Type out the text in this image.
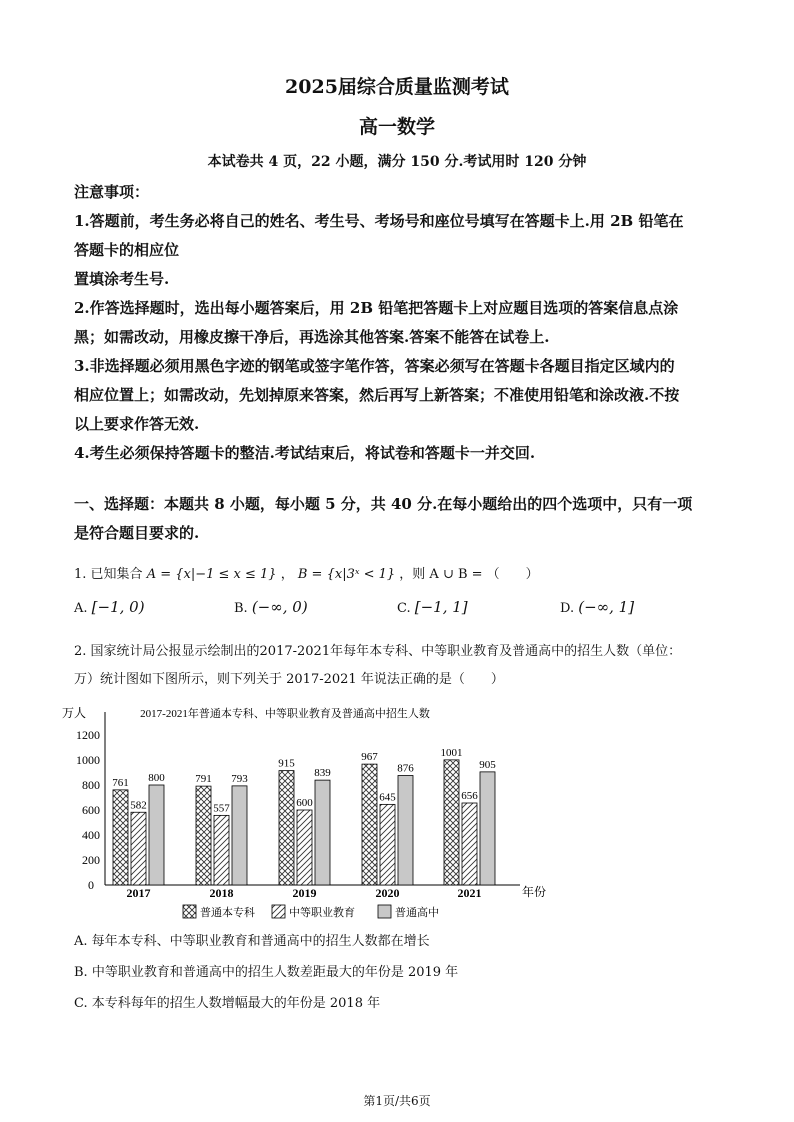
2025届综合质量监测考试
高一数学
本试卷共 4 页，22 小题，满分 150 分.考试用时 120 分钟
注意事项：
1.答题前，考生务必将自己的姓名、考生号、考场号和座位号填写在答题卡上.用 2B 铅笔在
答题卡的相应位
置填涂考生号.
2.作答选择题时，选出每小题答案后，用 2B 铅笔把答题卡上对应题目选项的答案信息点涂
黑；如需改动，用橡皮擦干净后，再选涂其他答案.答案不能答在试卷上.
3.非选择题必须用黑色字迹的钢笔或签字笔作答，答案必须写在答题卡各题目指定区域内的
相应位置上；如需改动，先划掉原来答案，然后再写上新答案；不准使用铅笔和涂改液.不按
以上要求作答无效.
4.考生必须保持答题卡的整洁.考试结束后，将试卷和答题卡一并交回.
一、选择题：本题共 8 小题，每小题 5 分，共 40 分.在每小题给出的四个选项中，只有一项
是符合题目要求的.
1. 已知集合 A = {x|−1 ≤ x ≤ 1} ， B = {x|3ˣ < 1} ，则 A ∪ B = （　　）
A. [−1, 0)	B. (−∞, 0)	C. [−1, 1]	D. (−∞, 1]
2. 国家统计局公报显示绘制出的2017-2021年每年本专科、中等职业教育及普通高中的招生人数（单位：
万）统计图如下图所示，则下列关于 2017-2021 年说法正确的是（　　）
万人	2017-2021年普通本专科、中等职业教育及普通高中招生人数
年份
0
200
400
600
800
1000
1200
761
582
800
2017
791
557
793
2018
915
600
839
2019
967
645
876
2020
1001
656
905
2021
普通本专科	中等职业教育	普通高中
A. 每年本专科、中等职业教育和普通高中的招生人数都在增长
B. 中等职业教育和普通高中的招生人数差距最大的年份是 2019 年
C. 本专科每年的招生人数增幅最大的年份是 2018 年
第1页/共6页
